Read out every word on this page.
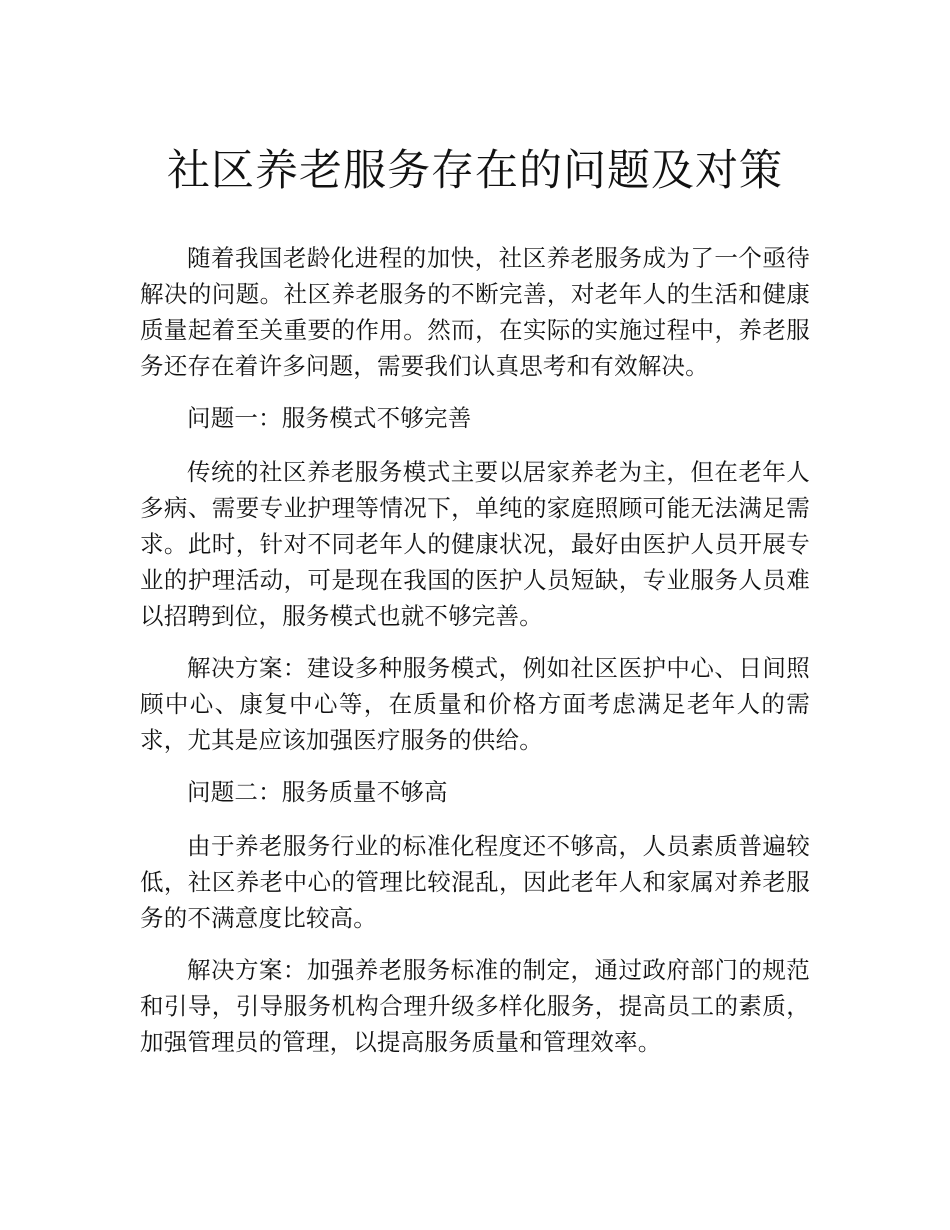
社区养老服务存在的问题及对策

随着我国老龄化进程的加快，社区养老服务成为了一个亟待解决的问题。社区养老服务的不断完善，对老年人的生活和健康质量起着至关重要的作用。然而，在实际的实施过程中，养老服务还存在着许多问题，需要我们认真思考和有效解决。

问题一：服务模式不够完善

传统的社区养老服务模式主要以居家养老为主，但在老年人多病、需要专业护理等情况下，单纯的家庭照顾可能无法满足需求。此时，针对不同老年人的健康状况，最好由医护人员开展专业的护理活动，可是现在我国的医护人员短缺，专业服务人员难以招聘到位，服务模式也就不够完善。

解决方案：建设多种服务模式，例如社区医护中心、日间照顾中心、康复中心等，在质量和价格方面考虑满足老年人的需求，尤其是应该加强医疗服务的供给。

问题二：服务质量不够高

由于养老服务行业的标准化程度还不够高，人员素质普遍较低，社区养老中心的管理比较混乱，因此老年人和家属对养老服务的不满意度比较高。

解决方案：加强养老服务标准的制定，通过政府部门的规范和引导，引导服务机构合理升级多样化服务，提高员工的素质，加强管理员的管理，以提高服务质量和管理效率。
